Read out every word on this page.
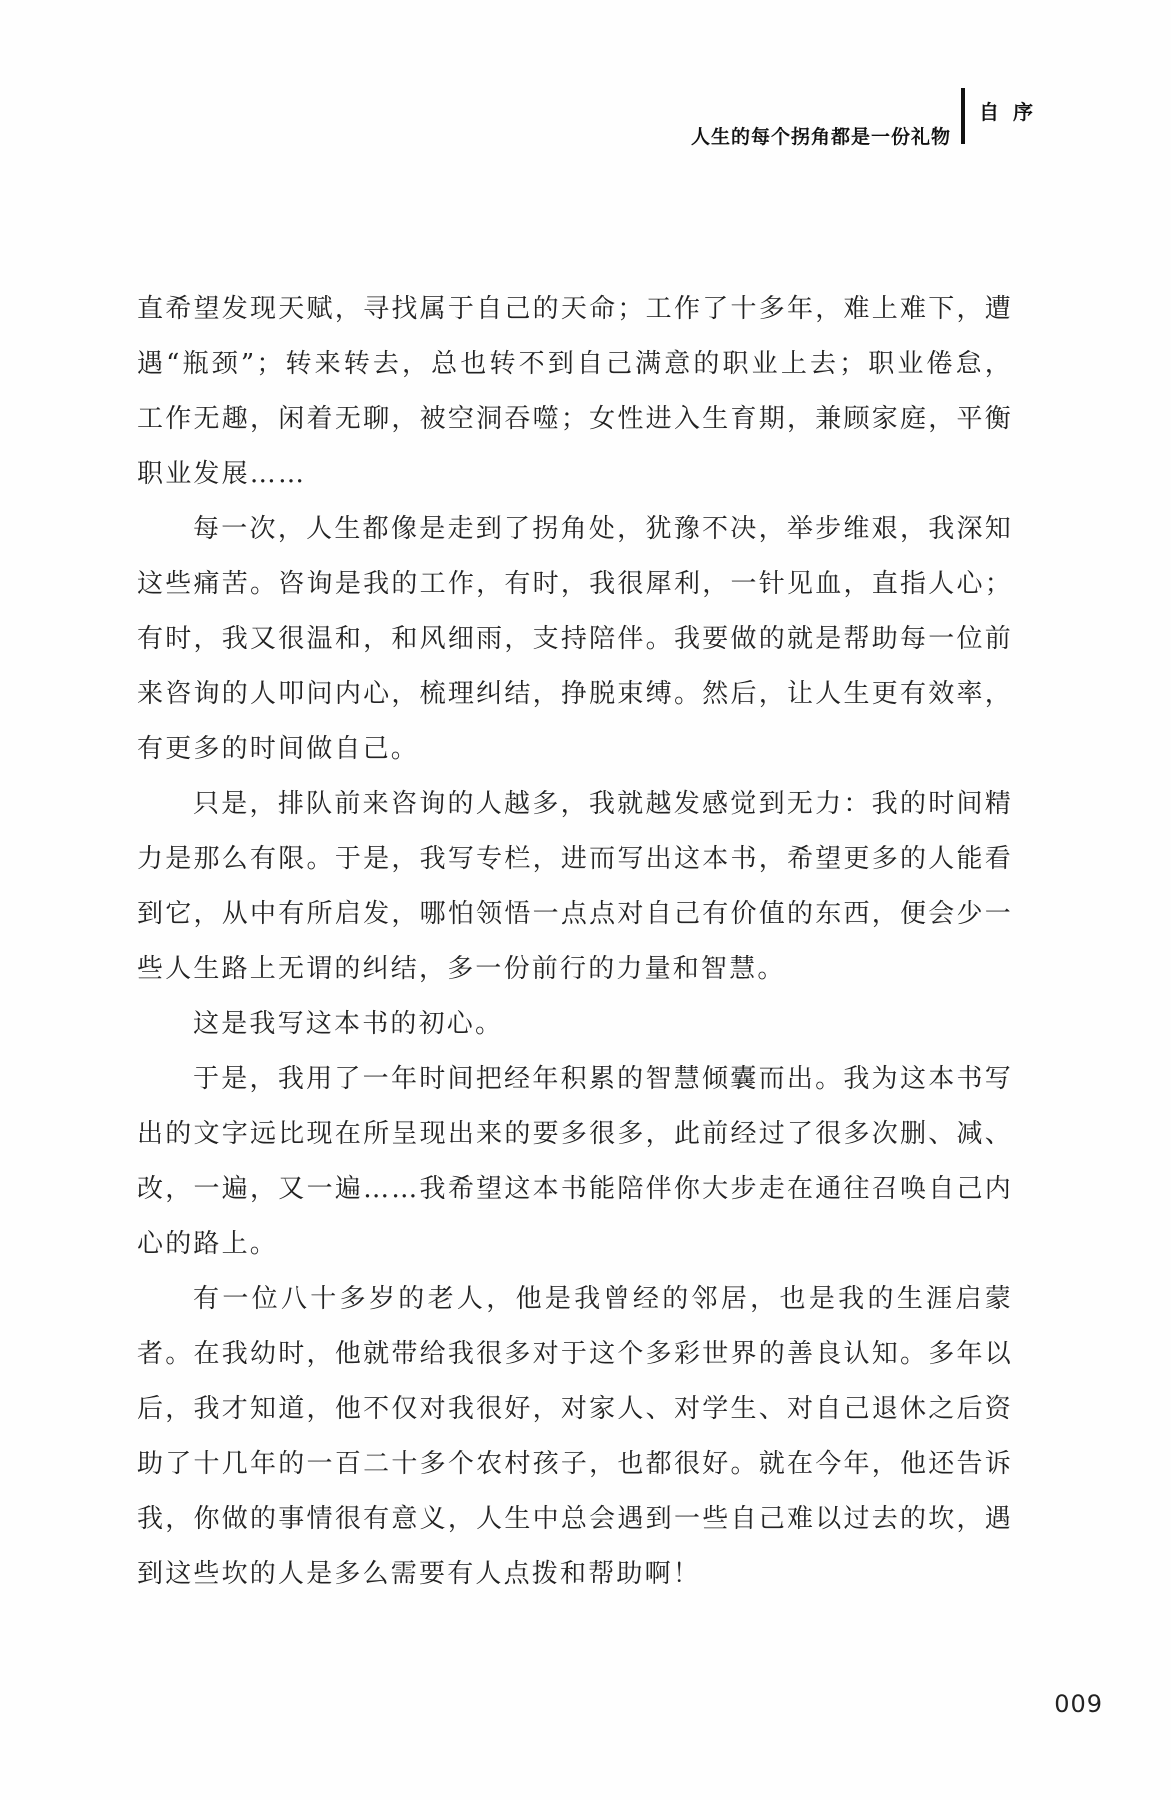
人生的每个拐角都是一份礼物
自序

直希望发现天赋，寻找属于自己的天命；工作了十多年，难上难下，遭遇“瓶颈”；转来转去，总也转不到自己满意的职业上去；职业倦怠，工作无趣，闲着无聊，被空洞吞噬；女性进入生育期，兼顾家庭，平衡职业发展……

每一次，人生都像是走到了拐角处，犹豫不决，举步维艰，我深知这些痛苦。咨询是我的工作，有时，我很犀利，一针见血，直指人心；有时，我又很温和，和风细雨，支持陪伴。我要做的就是帮助每一位前来咨询的人叩问内心，梳理纠结，挣脱束缚。然后，让人生更有效率，有更多的时间做自己。

只是，排队前来咨询的人越多，我就越发感觉到无力：我的时间精力是那么有限。于是，我写专栏，进而写出这本书，希望更多的人能看到它，从中有所启发，哪怕领悟一点点对自己有价值的东西，便会少一些人生路上无谓的纠结，多一份前行的力量和智慧。

这是我写这本书的初心。

于是，我用了一年时间把经年积累的智慧倾囊而出。我为这本书写出的文字远比现在所呈现出来的要多很多，此前经过了很多次删、减、改，一遍，又一遍……我希望这本书能陪伴你大步走在通往召唤自己内心的路上。

有一位八十多岁的老人，他是我曾经的邻居，也是我的生涯启蒙者。在我幼时，他就带给我很多对于这个多彩世界的善良认知。多年以后，我才知道，他不仅对我很好，对家人、对学生、对自己退休之后资助了十几年的一百二十多个农村孩子，也都很好。就在今年，他还告诉我，你做的事情很有意义，人生中总会遇到一些自己难以过去的坎，遇到这些坎的人是多么需要有人点拨和帮助啊！

009
